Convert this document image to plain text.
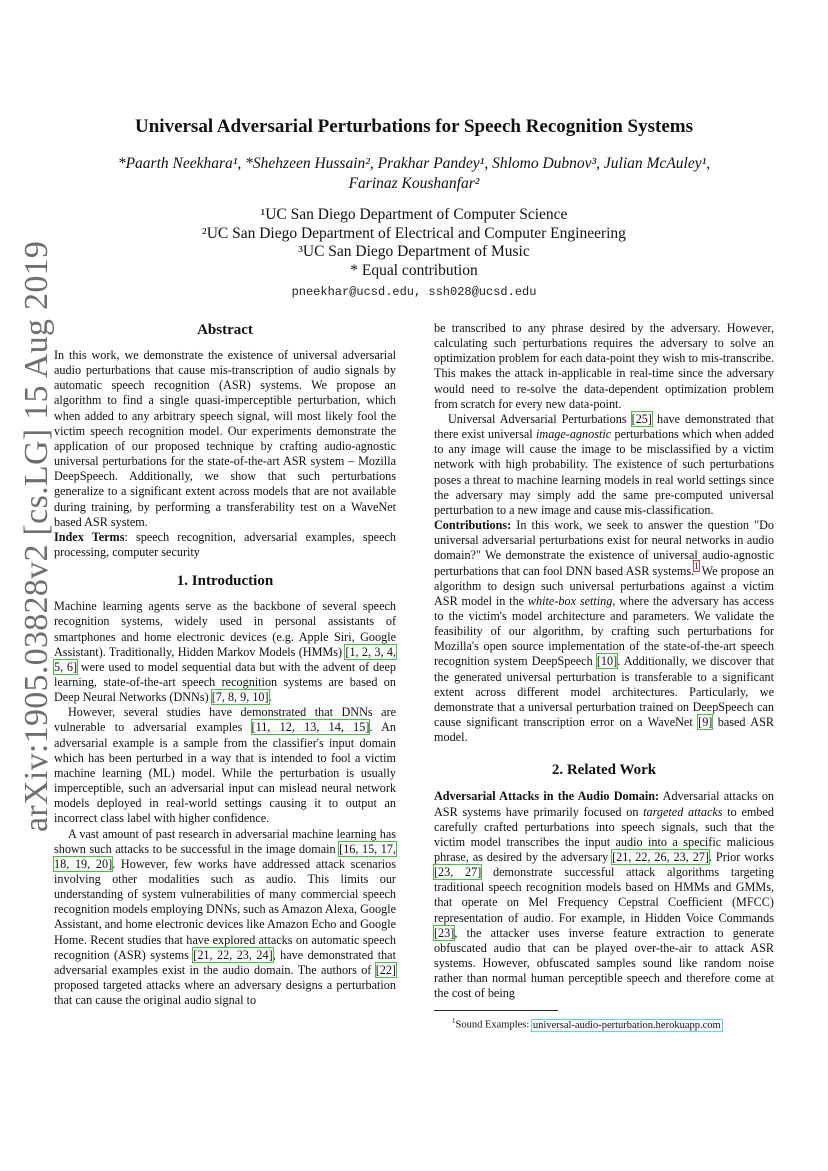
arXiv:1905.03828v2 [cs.LG] 15 Aug 2019
Universal Adversarial Perturbations for Speech Recognition Systems
*Paarth Neekhara¹, *Shehzeen Hussain², Prakhar Pandey¹, Shlomo Dubnov³, Julian McAuley¹,
Farinaz Koushanfar²
¹UC San Diego Department of Computer Science
²UC San Diego Department of Electrical and Computer Engineering
³UC San Diego Department of Music
* Equal contribution
pneekhar@ucsd.edu, ssh028@ucsd.edu
Abstract

In this work, we demonstrate the existence of universal adversarial audio perturbations that cause mis-transcription of audio signals by automatic speech recognition (ASR) systems. We propose an algorithm to find a single quasi-imperceptible perturbation, which when added to any arbitrary speech signal, will most likely fool the victim speech recognition model. Our experiments demonstrate the application of our proposed technique by crafting audio-agnostic universal perturbations for the state-of-the-art ASR system – Mozilla DeepSpeech. Additionally, we show that such perturbations generalize to a significant extent across models that are not available during training, by performing a transferability test on a WaveNet based ASR system.

Index Terms: speech recognition, adversarial examples, speech processing, computer security

1. Introduction

Machine learning agents serve as the backbone of several speech recognition systems, widely used in personal assistants of smartphones and home electronic devices (e.g. Apple Siri, Google Assistant). Traditionally, Hidden Markov Models (HMMs) [1, 2, 3, 4, 5, 6] were used to model sequential data but with the advent of deep learning, state-of-the-art speech recognition systems are based on Deep Neural Networks (DNNs) [7, 8, 9, 10].

However, several studies have demonstrated that DNNs are vulnerable to adversarial examples [11, 12, 13, 14, 15]. An adversarial example is a sample from the classifier's input domain which has been perturbed in a way that is intended to fool a victim machine learning (ML) model. While the perturbation is usually imperceptible, such an adversarial input can mislead neural network models deployed in real-world settings causing it to output an incorrect class label with higher confidence.

A vast amount of past research in adversarial machine learning has shown such attacks to be successful in the image domain [16, 15, 17, 18, 19, 20]. However, few works have addressed attack scenarios involving other modalities such as audio. This limits our understanding of system vulnerabilities of many commercial speech recognition models employing DNNs, such as Amazon Alexa, Google Assistant, and home electronic devices like Amazon Echo and Google Home. Recent studies that have explored attacks on automatic speech recognition (ASR) systems [21, 22, 23, 24], have demonstrated that adversarial examples exist in the audio domain. The authors of [22] proposed targeted attacks where an adversary designs a perturbation that can cause the original audio signal to

be transcribed to any phrase desired by the adversary. However, calculating such perturbations requires the adversary to solve an optimization problem for each data-point they wish to mis-transcribe. This makes the attack in-applicable in real-time since the adversary would need to re-solve the data-dependent optimization problem from scratch for every new data-point.

Universal Adversarial Perturbations [25] have demonstrated that there exist universal image-agnostic perturbations which when added to any image will cause the image to be misclassified by a victim network with high probability. The existence of such perturbations poses a threat to machine learning models in real world settings since the adversary may simply add the same pre-computed universal perturbation to a new image and cause mis-classification.

Contributions: In this work, we seek to answer the question "Do universal adversarial perturbations exist for neural networks in audio domain?" We demonstrate the existence of universal audio-agnostic perturbations that can fool DNN based ASR systems.$^1$ We propose an algorithm to design such universal perturbations against a victim ASR model in the white-box setting, where the adversary has access to the victim's model architecture and parameters. We validate the feasibility of our algorithm, by crafting such perturbations for Mozilla's open source implementation of the state-of-the-art speech recognition system DeepSpeech [10]. Additionally, we discover that the generated universal perturbation is transferable to a significant extent across different model architectures. Particularly, we demonstrate that a universal perturbation trained on DeepSpeech can cause significant transcription error on a WaveNet [9] based ASR model.

2. Related Work

Adversarial Attacks in the Audio Domain: Adversarial attacks on ASR systems have primarily focused on targeted attacks to embed carefully crafted perturbations into speech signals, such that the victim model transcribes the input audio into a specific malicious phrase, as desired by the adversary [21, 22, 26, 23, 27]. Prior works [23, 27] demonstrate successful attack algorithms targeting traditional speech recognition models based on HMMs and GMMs, that operate on Mel Frequency Cepstral Coefficient (MFCC) representation of audio. For example, in Hidden Voice Commands [23], the attacker uses inverse feature extraction to generate obfuscated audio that can be played over-the-air to attack ASR systems. However, obfuscated samples sound like random noise rather than normal human perceptible speech and therefore come at the cost of being

$^1$Sound Examples: universal-audio-perturbation.herokuapp.com
